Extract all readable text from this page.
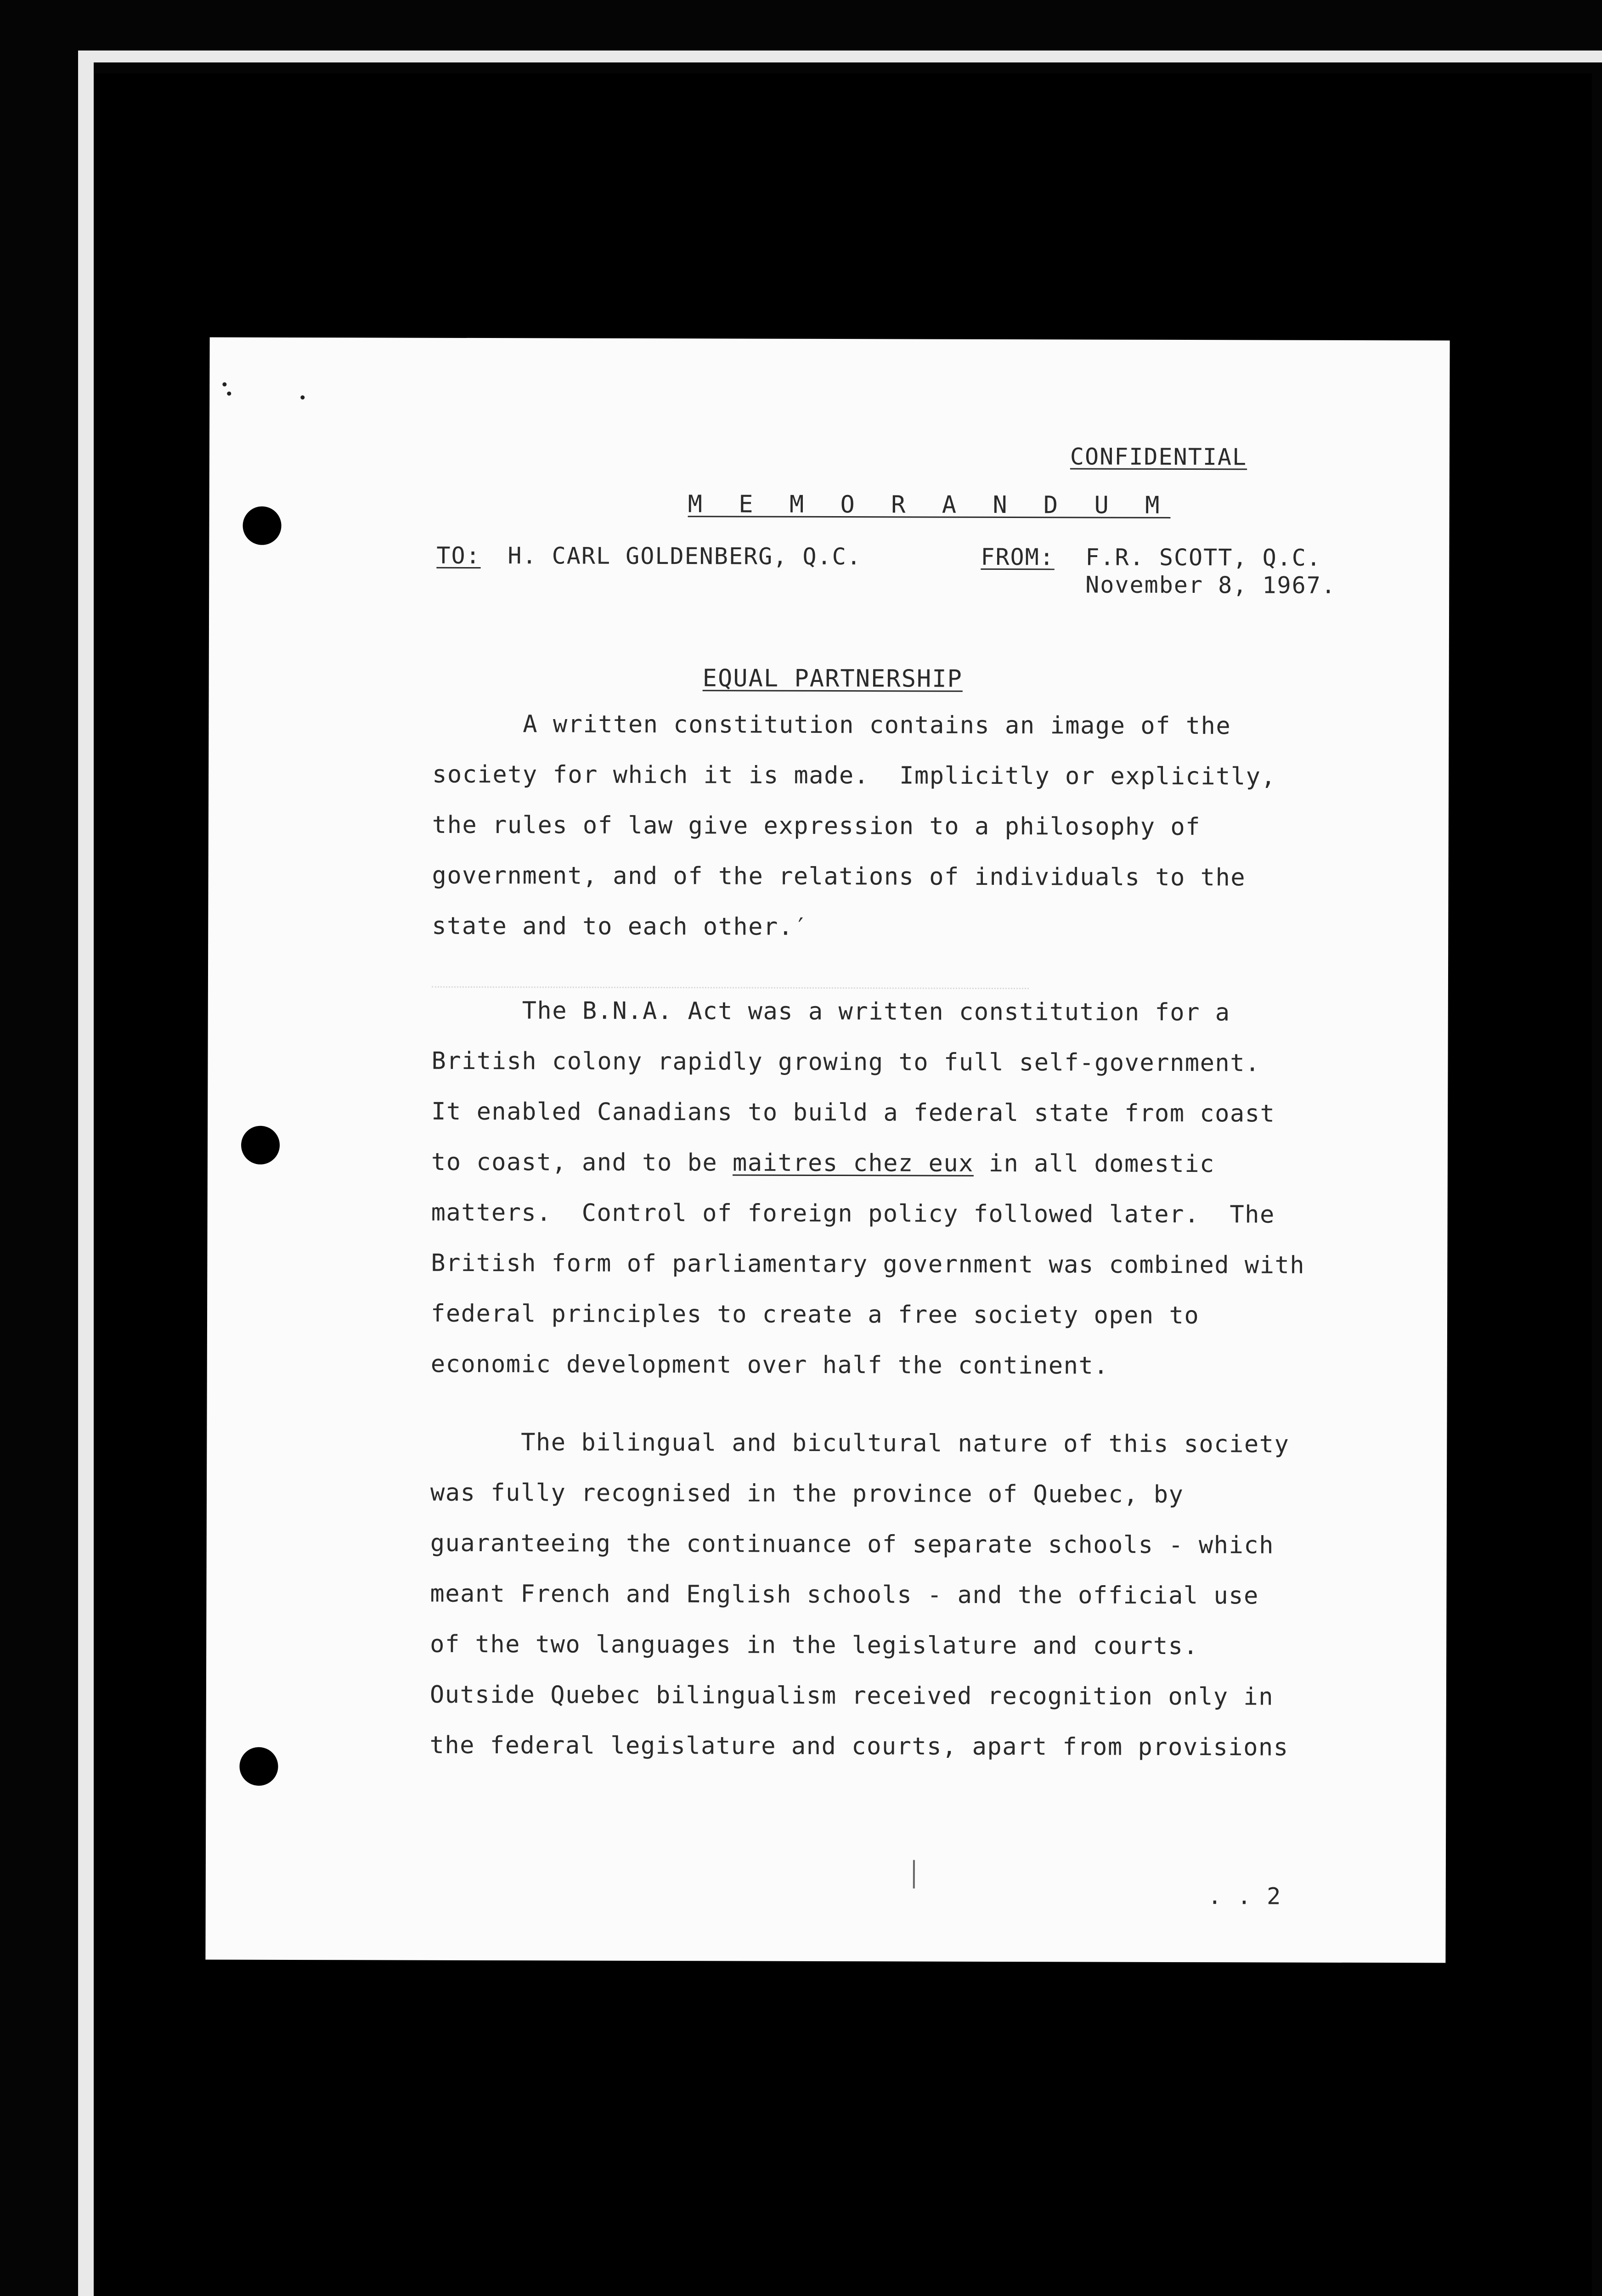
CONFIDENTIAL
M E M O R A N D U M
TO: H. CARL GOLDENBERG, Q.C.	FROM: F.R. SCOTT, Q.C.
November 8, 1967.
EQUAL PARTNERSHIP
A written constitution contains an image of the
society for which it is made.  Implicitly or explicitly,
the rules of law give expression to a philosophy of
government, and of the relations of individuals to the
state and to each other.′
The B.N.A. Act was a written constitution for a
British colony rapidly growing to full self-government.
It enabled Canadians to build a federal state from coast
to coast, and to be maitres chez eux in all domestic
matters.  Control of foreign policy followed later.  The
British form of parliamentary government was combined with
federal principles to create a free society open to
economic development over half the continent.
The bilingual and bicultural nature of this society
was fully recognised in the province of Quebec, by
guaranteeing the continuance of separate schools - which
meant French and English schools - and the official use
of the two languages in the legislature and courts.
Outside Quebec bilingualism received recognition only in
the federal legislature and courts, apart from provisions
. . 2
